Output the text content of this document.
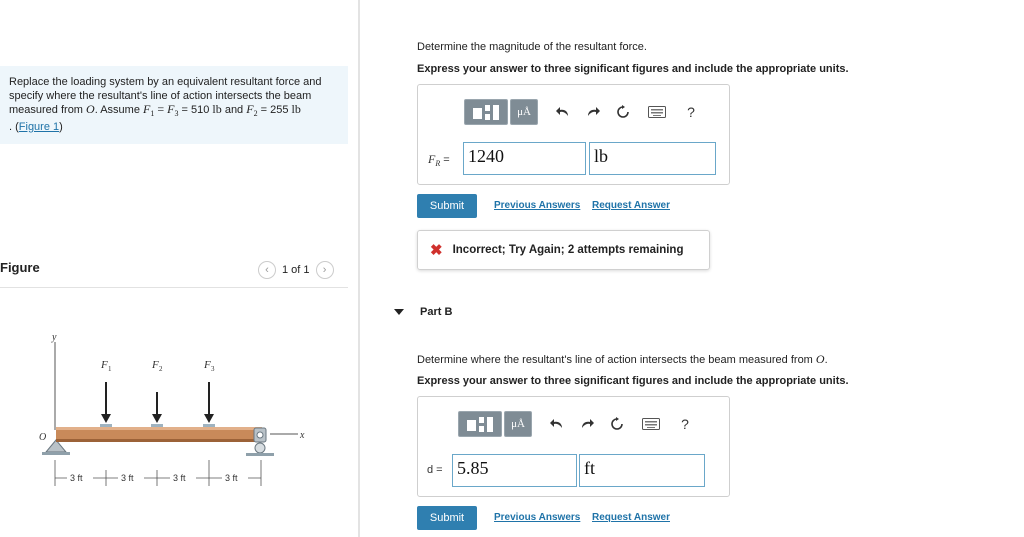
Replace the loading system by an equivalent resultant force and specify where the resultant's line of action intersects the beam measured from O. Assume $F_1 = F_3 = 510$ lb and $F_2 = 255$ lb
. (Figure 1)
Figure	‹ 1 of 1 ›
y
O	x
F 1	F 2	F 3
3 ft	3 ft	3 ft	3 ft
Determine the magnitude of the resultant force.
Express your answer to three significant figures and include the appropriate units.
μÅ	?
$F_R = 1240$	lb
Submit	Previous Answers Request Answer
✖ Incorrect; Try Again; 2 attempts remaining
Part B
Determine where the resultant's line of action intersects the beam measured from O.
Express your answer to three significant figures and include the appropriate units.
μÅ	?
d = 5.85	ft
Submit	Previous Answers Request Answer
